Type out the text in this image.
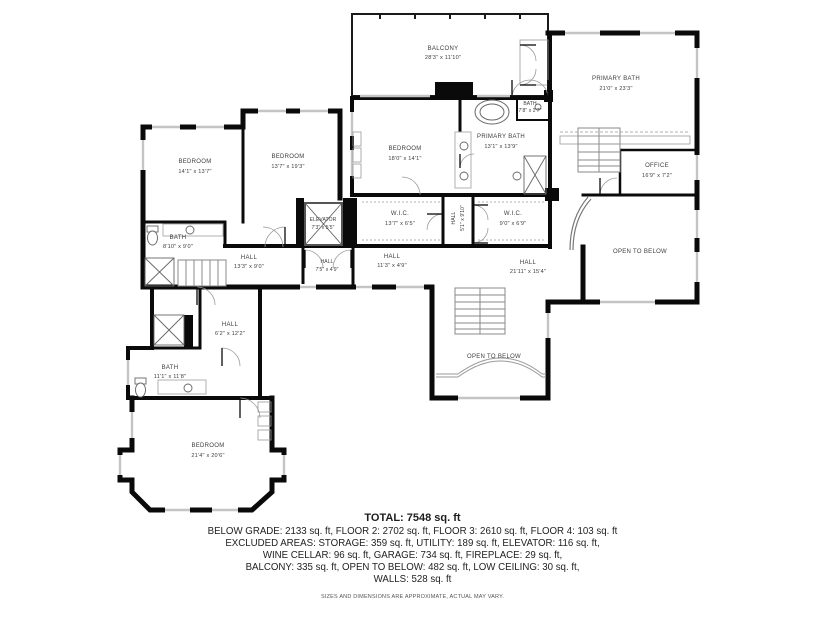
BALCONY
28'3" x 11'10"
PRIMARY BATH
21'0" x 23'3"
OFFICE
16'9" x 7'2"
BATH
7'8" x 2'7"
PRIMARY BATH
13'1" x 13'9"
BEDROOM
18'0" x 14'1"
BEDROOM
14'1" x 13'7"
BEDROOM
13'7" x 19'3"
ELEVATOR
7'3" x 5'5"
W.I.C.
13'7" x 6'5"	HALL 5'1" x 9'10"	W.I.C.
9'0" x 6'9"
BATH
8'10" x 9'0"
HALL
13'3" x 9'0"
HALL
7'5" x 4'9"
HALL
11'3" x 4'9"	HALL
21'11" x 15'4"
OPEN TO BELOW
OPEN TO BELOW
HALL
6'2" x 12'2"
BATH
11'1" x 11'8"
BEDROOM
21'4" x 20'6"
TOTAL: 7548 sq. ft
BELOW GRADE: 2133 sq. ft, FLOOR 2: 2702 sq. ft, FLOOR 3: 2610 sq. ft, FLOOR 4: 103 sq. ft
EXCLUDED AREAS: STORAGE: 359 sq. ft, UTILITY: 189 sq. ft, ELEVATOR: 116 sq. ft,
WINE CELLAR: 96 sq. ft, GARAGE: 734 sq. ft, FIREPLACE: 29 sq. ft,
BALCONY: 335 sq. ft, OPEN TO BELOW: 482 sq. ft, LOW CEILING: 30 sq. ft,
WALLS: 528 sq. ft
SIZES AND DIMENSIONS ARE APPROXIMATE, ACTUAL MAY VARY.
